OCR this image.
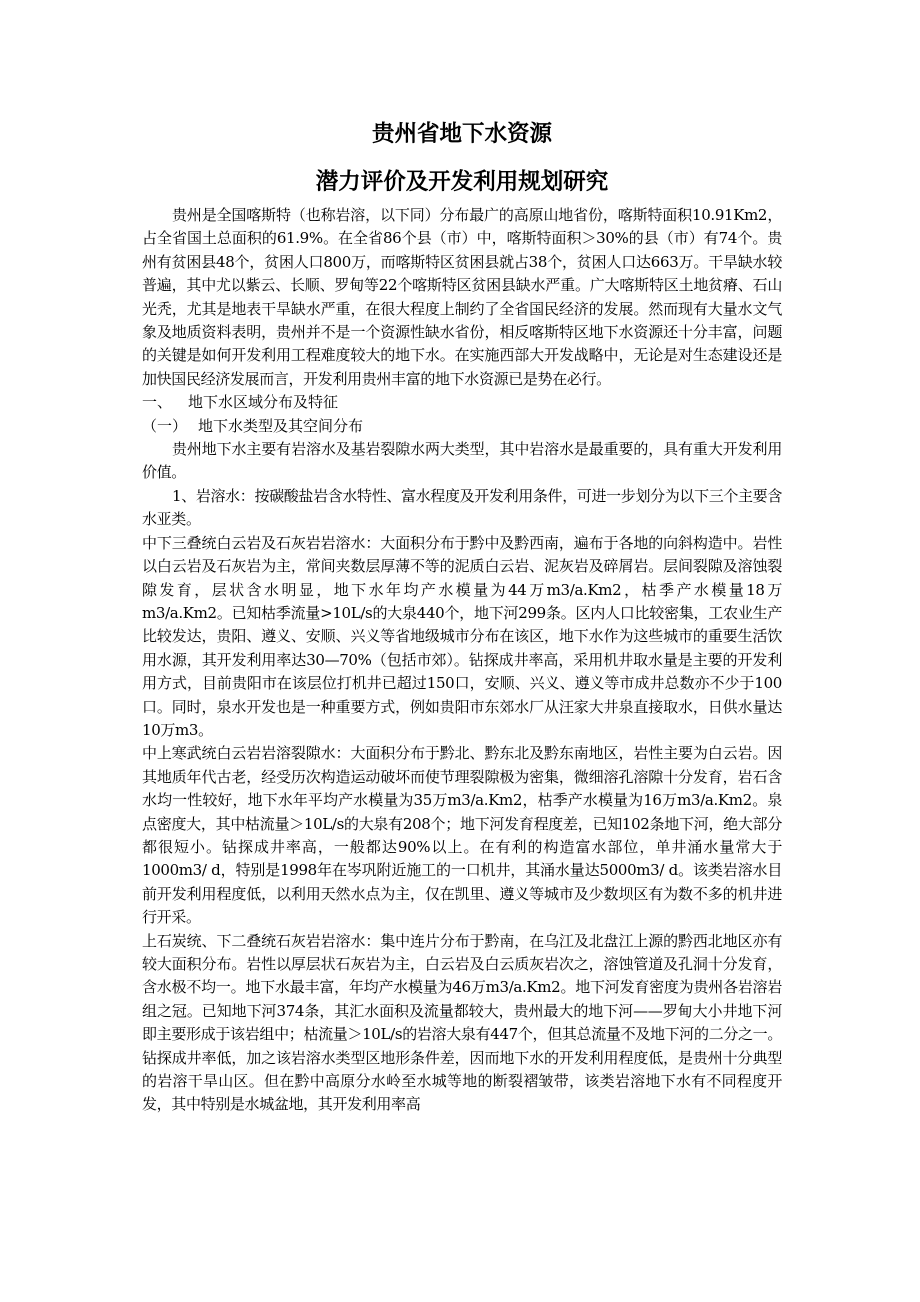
贵州省地下水资源
潜力评价及开发利用规划研究

贵州是全国喀斯特（也称岩溶，以下同）分布最广的高原山地省份，喀斯特面积10.91Km2，占全省国土总面积的61.9%。在全省86个县（市）中，喀斯特面积＞30%的县（市）有74个。贵州有贫困县48个，贫困人口800万，而喀斯特区贫困县就占38个，贫困人口达663万。干旱缺水较普遍，其中尤以紫云、长顺、罗甸等22个喀斯特区贫困县缺水严重。广大喀斯特区土地贫瘠、石山光秃，尤其是地表干旱缺水严重，在很大程度上制约了全省国民经济的发展。然而现有大量水文气象及地质资料表明，贵州并不是一个资源性缺水省份，相反喀斯特区地下水资源还十分丰富，问题的关键是如何开发利用工程难度较大的地下水。在实施西部大开发战略中，无论是对生态建设还是加快国民经济发展而言，开发利用贵州丰富的地下水资源已是势在必行。

一、 地下水区域分布及特征

（一） 地下水类型及其空间分布

贵州地下水主要有岩溶水及基岩裂隙水两大类型，其中岩溶水是最重要的，具有重大开发利用价值。

1、岩溶水：按碳酸盐岩含水特性、富水程度及开发利用条件，可进一步划分为以下三个主要含水亚类。

中下三叠统白云岩及石灰岩岩溶水：大面积分布于黔中及黔西南，遍布于各地的向斜构造中。岩性以白云岩及石灰岩为主，常间夹数层厚薄不等的泥质白云岩、泥灰岩及碎屑岩。层间裂隙及溶蚀裂隙发育，层状含水明显，地下水年均产水模量为44万m3/a.Km2，枯季产水模量18万m3/a.Km2。已知枯季流量>10L/s的大泉440个，地下河299条。区内人口比较密集，工农业生产比较发达，贵阳、遵义、安顺、兴义等省地级城市分布在该区，地下水作为这些城市的重要生活饮用水源，其开发利用率达30—70%（包括市郊）。钻探成井率高，采用机井取水量是主要的开发利用方式，目前贵阳市在该层位打机井已超过150口，安顺、兴义、遵义等市成井总数亦不少于100口。同时，泉水开发也是一种重要方式，例如贵阳市东郊水厂从汪家大井泉直接取水，日供水量达10万m3。

中上寒武统白云岩岩溶裂隙水：大面积分布于黔北、黔东北及黔东南地区，岩性主要为白云岩。因其地质年代古老，经受历次构造运动破坏而使节理裂隙极为密集，微细溶孔溶隙十分发育，岩石含水均一性较好，地下水年平均产水模量为35万m3/a.Km2，枯季产水模量为16万m3/a.Km2。泉点密度大，其中枯流量＞10L/s的大泉有208个；地下河发育程度差，已知102条地下河，绝大部分都很短小。钻探成井率高，一般都达90%以上。在有利的构造富水部位，单井涌水量常大于1000m3/ d，特别是1998年在岑巩附近施工的一口机井，其涌水量达5000m3/ d。该类岩溶水目前开发利用程度低，以利用天然水点为主，仅在凯里、遵义等城市及少数坝区有为数不多的机井进行开采。

上石炭统、下二叠统石灰岩岩溶水：集中连片分布于黔南，在乌江及北盘江上源的黔西北地区亦有较大面积分布。岩性以厚层状石灰岩为主，白云岩及白云质灰岩次之，溶蚀管道及孔洞十分发育，含水极不均一。地下水最丰富，年均产水模量为46万m3/a.Km2。地下河发育密度为贵州各岩溶岩组之冠。已知地下河374条，其汇水面积及流量都较大，贵州最大的地下河——罗甸大小井地下河即主要形成于该岩组中；枯流量＞10L/s的岩溶大泉有447个，但其总流量不及地下河的二分之一。钻探成井率低，加之该岩溶水类型区地形条件差，因而地下水的开发利用程度低，是贵州十分典型的岩溶干旱山区。但在黔中高原分水岭至水城等地的断裂褶皱带，该类岩溶地下水有不同程度开发，其中特别是水城盆地，其开发利用率高
